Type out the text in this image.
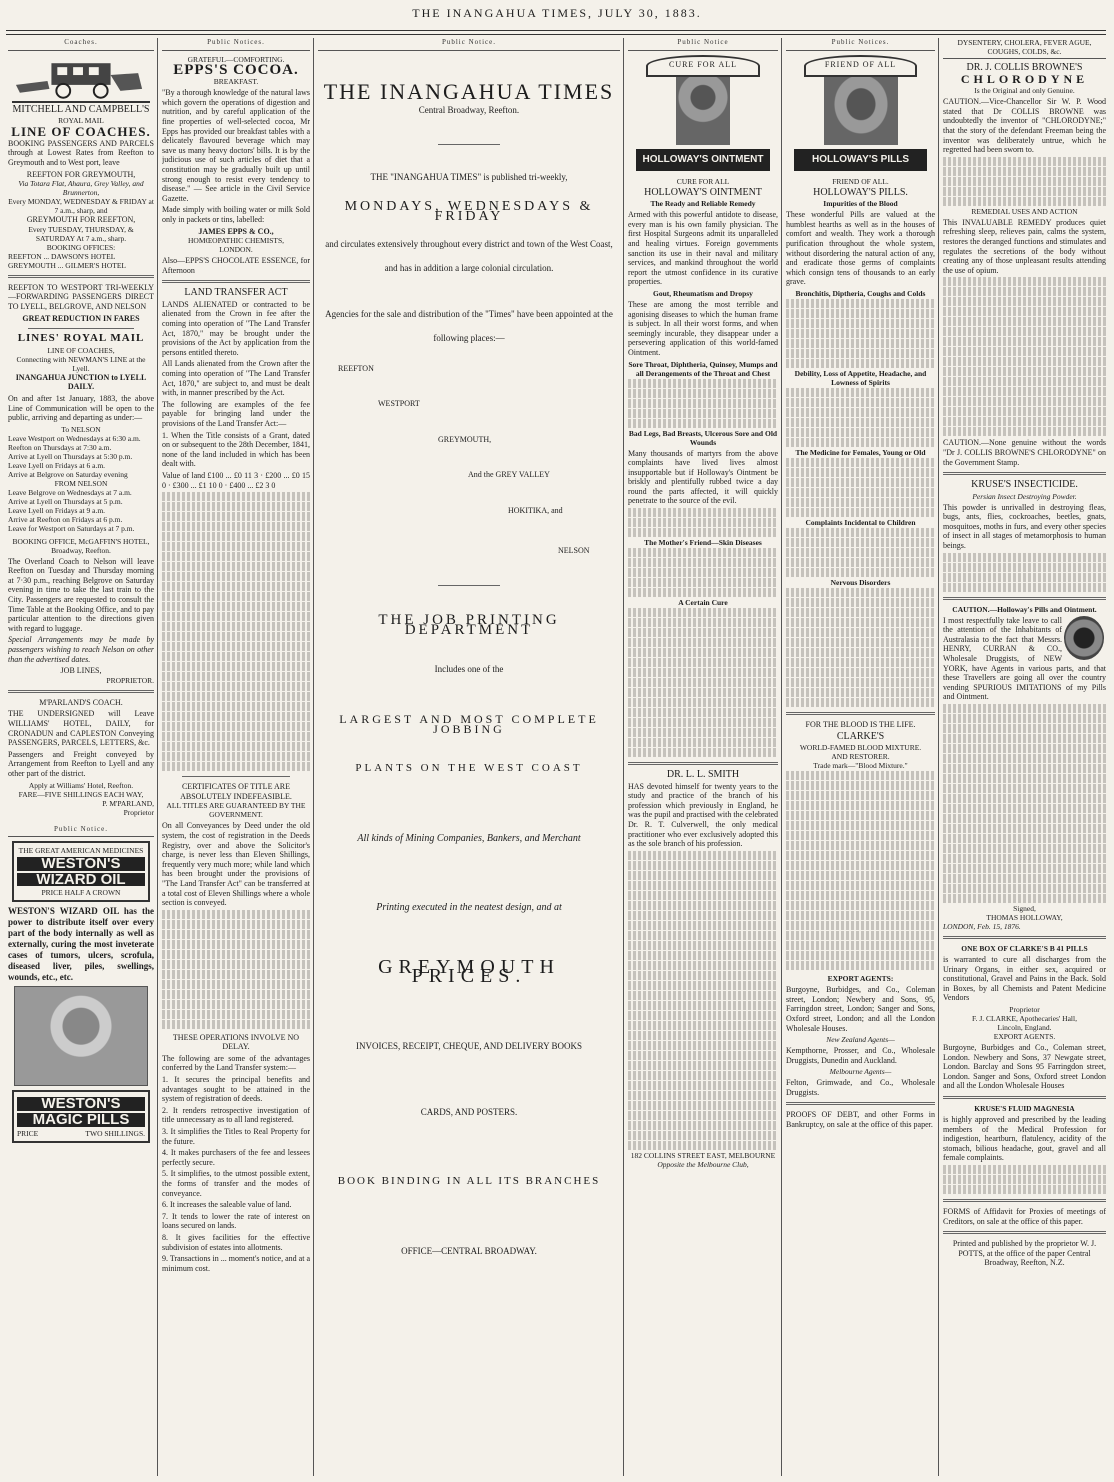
THE INANGAHUA TIMES, JULY 30, 1883.
Coaches.
MITCHELL AND CAMPBELL'S
ROYAL MAIL
LINE OF COACHES.

BOOKING PASSENGERS AND PARCELS through at Lowest Rates from Reefton to Greymouth and to West port, leave

REEFTON FOR GREYMOUTH,
Via Totara Flat, Ahaura, Grey Valley, and Brunnerton,
Every MONDAY, WEDNESDAY & FRIDAY at 7 a.m., sharp, and
GREYMOUTH FOR REEFTON,
Every TUESDAY, THURSDAY, & SATURDAY At 7 a.m., sharp.
BOOKING OFFICES:
REEFTON ... DAWSON'S HOTEL
GREYMOUTH ... GILMER'S HOTEL

REEFTON TO WESTPORT TRI-WEEKLY—FORWARDING PASSENGERS DIRECT TO LYELL, BELGROVE, AND NELSON

GREAT REDUCTION IN FARES
LINES' ROYAL MAIL
LINE OF COACHES,
Connecting with NEWMAN'S LINE at the Lyell.
INANGAHUA JUNCTION to LYELL DAILY.

On and after 1st January, 1883, the above Line of Communication will be open to the public, arriving and departing as under:—

To NELSON
Leave Westport on Wednesdays at 6:30 a.m.
Reefton on Thursdays at 7:30 a.m.
Arrive at Lyell on Thursdays at 5:30 p.m.
Leave Lyell on Fridays at 6 a.m.
Arrive at Belgrove on Saturday evening
FROM NELSON
Leave Belgrove on Wednesdays at 7 a.m.
Arrive at Lyell on Thursdays at 5 p.m.
Leave Lyell on Fridays at 9 a.m.
Arrive at Reefton on Fridays at 6 p.m.
Leave for Westport on Saturdays at 7 p.m.
BOOKING OFFICE, McGAFFIN'S HOTEL, Broadway, Reefton.

The Overland Coach to Nelson will leave Reefton on Tuesday and Thursday morning at 7·30 p.m., reaching Belgrove on Saturday evening in time to take the last train to the City. Passengers are requested to consult the Time Table at the Booking Office, and to pay particular attention to the directions given with regard to luggage.

Special Arrangements may be made by passengers wishing to reach Nelson on other than the advertised dates.

JOB LINES,
PROPRIETOR.
M'PARLAND'S COACH.

THE UNDERSIGNED will Leave WILLIAMS' HOTEL, DAILY, for CRONADUN and CAPLESTON Conveying PASSENGERS, PARCELS, LETTERS, &c.

Passengers and Freight conveyed by Arrangement from Reefton to Lyell and any other part of the district.

Apply at Williams' Hotel, Reefton.
FARE—FIVE SHILLINGS EACH WAY,
P. M'PARLAND,
Proprietor
Public Notice.
THE GREAT AMERICAN MEDICINES
WESTON'S
WIZARD OIL
PRICE HALF A CROWN

WESTON'S WIZARD OIL has the power to distribute itself over every part of the body internally as well as externally, curing the most inveterate cases of tumors, ulcers, scrofula, diseased liver, piles, swellings, wounds, etc., etc.

WESTON'S
MAGIC PILLS
PRICE	TWO SHILLINGS.
Public Notices.
GRATEFUL—COMFORTING.
EPPS'S COCOA.
BREAKFAST.

"By a thorough knowledge of the natural laws which govern the operations of digestion and nutrition, and by careful application of the fine properties of well-selected cocoa, Mr Epps has provided our breakfast tables with a delicately flavoured beverage which may save us many heavy doctors' bills. It is by the judicious use of such articles of diet that a constitution may be gradually built up until strong enough to resist every tendency to disease." — See article in the Civil Service Gazette.

Made simply with boiling water or milk Sold only in packets or tins, labelled:

JAMES EPPS & CO.,
HOMŒOPATHIC CHEMISTS,
LONDON.

Also—EPPS'S CHOCOLATE ESSENCE, for Afternoon

LAND TRANSFER ACT

LANDS ALIENATED or contracted to be alienated from the Crown in fee after the coming into operation of "The Land Transfer Act, 1870," may be brought under the provisions of the Act by application from the persons entitled thereto.

All Lands alienated from the Crown after the coming into operation of "The Land Transfer Act, 1870," are subject to, and must be dealt with, in manner prescribed by the Act.

The following are examples of the fee payable for bringing land under the provisions of the Land Transfer Act:—

1. When the Title consists of a Grant, dated on or subsequent to the 28th December, 1841, none of the land included in which has been dealt with.

Value of land £100 ... £0 11 3 · £200 ... £0 15 0 · £300 ... £1 10 0 · £400 ... £2 3 0

CERTIFICATES OF TITLE ARE ABSOLUTELY INDEFEASIBLE.
ALL TITLES ARE GUARANTEED BY THE GOVERNMENT.

On all Conveyances by Deed under the old system, the cost of registration in the Deeds Registry, over and above the Solicitor's charge, is never less than Eleven Shillings, frequently very much more; while land which has been brought under the provisions of "The Land Transfer Act" can be transferred at a total cost of Eleven Shillings where a whole section is conveyed.

THESE OPERATIONS INVOLVE NO DELAY.

The following are some of the advantages conferred by the Land Transfer system:—

1. It secures the principal benefits and advantages sought to be attained in the system of registration of deeds.

2. It renders retrospective investigation of title unnecessary as to all land registered.

3. It simplifies the Titles to Real Property for the future.

4. It makes purchasers of the fee and lessees perfectly secure.

5. It simplifies, to the utmost possible extent, the forms of transfer and the modes of conveyance.

6. It increases the saleable value of land.

7. It tends to lower the rate of interest on loans secured on lands.

8. It gives facilities for the effective subdivision of estates into allotments.

9. Transactions in ... moment's notice, and at a minimum cost.

Public Notice.
THE INANGAHUA TIMES
Central Broadway, Reefton.
THE "INANGAHUA TIMES" is published tri-weekly,
MONDAYS, WEDNESDAYS & FRIDAY

and circulates extensively throughout every district and town of the West Coast, and has in addition a large colonial circulation.

Agencies for the sale and distribution of the "Times" have been appointed at the following places:—

REEFTON
WESTPORT
GREYMOUTH,
And the GREY VALLEY
HOKITIKA, and
NELSON
THE JOB PRINTING DEPARTMENT
Includes one of the
LARGEST AND MOST COMPLETE JOBBING
PLANTS ON THE WEST COAST
All kinds of Mining Companies, Bankers, and Merchant
Printing executed in the neatest design, and at
GREYMOUTH PRICES.
INVOICES, RECEIPT, CHEQUE, AND DELIVERY BOOKS
CARDS, AND POSTERS.
BOOK BINDING IN ALL ITS BRANCHES
OFFICE—CENTRAL BROADWAY.
Public Notice
CURE FOR ALL
HOLLOWAY'S OINTMENT
CURE FOR ALL
HOLLOWAY'S OINTMENT
The Ready and Reliable Remedy

Armed with this powerful antidote to disease, every man is his own family physician. The first Hospital Surgeons admit its unparalleled and healing virtues. Foreign governments sanction its use in their naval and military services, and mankind throughout the world report the utmost confidence in its curative properties.

Gout, Rheumatism and Dropsy

These are among the most terrible and agonising diseases to which the human frame is subject. In all their worst forms, and when seemingly incurable, they disappear under a persevering application of this world-famed Ointment.

Sore Throat, Diphtheria, Quinsey, Mumps and all Derangements of the Throat and Chest
Bad Legs, Bad Breasts, Ulcerous Sore and Old Wounds

Many thousands of martyrs from the above complaints have lived lives almost insupportable but if Holloway's Ointment be briskly and plentifully rubbed twice a day round the parts affected, it will quickly penetrate to the source of the evil.

The Mother's Friend—Skin Diseases
A Certain Cure
DR. L. L. SMITH

HAS devoted himself for twenty years to the study and practice of the branch of his profession which previously in England, he was the pupil and practised with the celebrated Dr. R. T. Culverwell, the only medical practitioner who ever exclusively adopted this as the sole branch of his profession.

182 COLLINS STREET EAST, MELBOURNE
Opposite the Melbourne Club,
Public Notices.
FRIEND OF ALL
HOLLOWAY'S PILLS
FRIEND OF ALL.
HOLLOWAY'S PILLS.
Impurities of the Blood

These wonderful Pills are valued at the humblest hearths as well as in the houses of comfort and wealth. They work a thorough purification throughout the whole system, without disordering the natural action of any, and eradicate those germs of complaints which consign tens of thousands to an early grave.

Bronchitis, Diptheria, Coughs and Colds
Debility, Loss of Appetite, Headache, and Lowness of Spirits
The Medicine for Females, Young or Old
Complaints Incidental to Children
Nervous Disorders
FOR THE BLOOD IS THE LIFE.
CLARKE'S
WORLD-FAMED BLOOD MIXTURE.
AND RESTORER.
Trade mark—"Blood Mixture."
EXPORT AGENTS:

Burgoyne, Burbidges, and Co., Coleman street, London; Newbery and Sons, 95, Farringdon street, London; Sanger and Sons, Oxford street, London; and all the London Wholesale Houses.

New Zealand Agents—

Kempthorne, Prosser, and Co., Wholesale Druggists, Dunedin and Auckland.

Melbourne Agents—

Felton, Grimwade, and Co., Wholesale Druggists.

PROOFS OF DEBT, and other Forms in Bankruptcy, on sale at the office of this paper.

DYSENTERY, CHOLERA, FEVER AGUE, COUGHS, COLDS, &c.
DR. J. COLLIS BROWNE'S
CHLORODYNE
Is the Original and only Genuine.

CAUTION.—Vice-Chancellor Sir W. P. Wood stated that Dr COLLIS BROWNE was undoubtedly the inventor of "CHLORODYNE;" that the story of the defendant Freeman being the inventor was deliberately untrue, which he regretted had been sworn to.

REMEDIAL USES AND ACTION

This INVALUABLE REMEDY produces quiet refreshing sleep, relieves pain, calms the system, restores the deranged functions and stimulates and regulates the secretions of the body without creating any of those unpleasant results attending the use of opium.

CAUTION.—None genuine without the words "Dr J. COLLIS BROWNE'S CHLORODYNE" on the Government Stamp.

KRUSE'S INSECTICIDE.
Persian Insect Destroying Powder.

This powder is unrivalled in destroying fleas, bugs, ants, flies, cockroaches, beetles, gnats, mosquitoes, moths in furs, and every other species of insect in all stages of metamorphosis to human beings.

CAUTION.—Holloway's Pills and Ointment.

I most respectfully take leave to call the attention of the Inhabitants of Australasia to the fact that Messrs. HENRY, CURRAN & CO., Wholesale Druggists, of NEW YORK, have Agents in various parts, and that these Travellers are going all over the country vending SPURIOUS IMITATIONS of my Pills and Ointment.

Signed,
THOMAS HOLLOWAY,
LONDON, Feb. 15, 1876.
ONE BOX OF CLARKE'S B 41 PILLS

is warranted to cure all discharges from the Urinary Organs, in either sex, acquired or constitutional, Gravel and Pains in the Back. Sold in Boxes, by all Chemists and Patent Medicine Vendors

Proprietor
F. J. CLARKE, Apothecaries' Hall,
Lincoln, England.
EXPORT AGENTS.

Burgoyne, Burbidges and Co., Coleman street, London. Newbery and Sons, 37 Newgate street, London. Barclay and Sons 95 Farringdon street, London. Sanger and Sons, Oxford street London and all the London Wholesale Houses

KRUSE'S FLUID MAGNESIA

is highly approved and prescribed by the leading members of the Medical Profession for indigestion, heartburn, flatulency, acidity of the stomach, bilious headache, gout, gravel and all female complaints.

FORMS of Affidavit for Proxies of meetings of Creditors, on sale at the office of this paper.

Printed and published by the proprietor W. J. POTTS, at the office of the paper Central Broadway, Reefton, N.Z.
